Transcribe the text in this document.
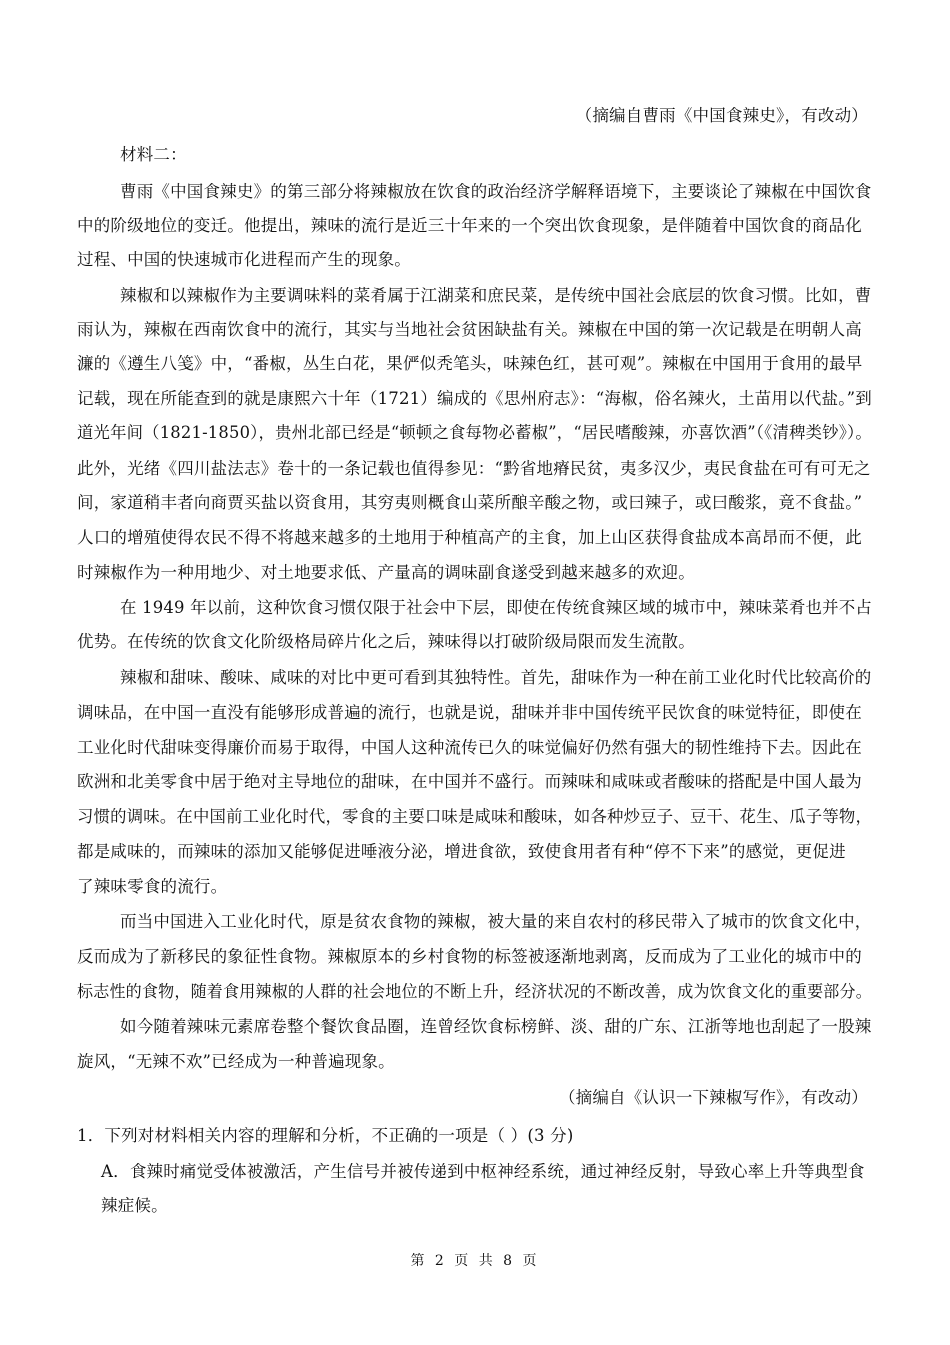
（摘编自曹雨《中国食辣史》，有改动）
材料二：
曹雨《中国食辣史》的第三部分将辣椒放在饮食的政治经济学解释语境下，主要谈论了辣椒在中国饮食
中的阶级地位的变迁。他提出，辣味的流行是近三十年来的一个突出饮食现象，是伴随着中国饮食的商品化
过程、中国的快速城市化进程而产生的现象。
辣椒和以辣椒作为主要调味料的菜肴属于江湖菜和庶民菜，是传统中国社会底层的饮食习惯。比如，曹
雨认为，辣椒在西南饮食中的流行，其实与当地社会贫困缺盐有关。辣椒在中国的第一次记载是在明朝人高
濂的《遵生八笺》中，“番椒，丛生白花，果俨似秃笔头，味辣色红，甚可观”。辣椒在中国用于食用的最早
记载，现在所能查到的就是康熙六十年（1721）编成的《思州府志》：“海椒，俗名辣火，土苗用以代盐。”到
道光年间（1821-1850），贵州北部已经是“顿顿之食每物必蓄椒”，“居民嗜酸辣，亦喜饮酒”（《清稗类钞》）。
此外，光绪《四川盐法志》卷十的一条记载也值得参见：“黔省地瘠民贫，夷多汉少，夷民食盐在可有可无之
间，家道稍丰者向商贾买盐以资食用，其穷夷则概食山菜所酿辛酸之物，或曰辣子，或曰酸浆，竟不食盐。”
人口的增殖使得农民不得不将越来越多的土地用于种植高产的主食，加上山区获得食盐成本高昂而不便，此
时辣椒作为一种用地少、对土地要求低、产量高的调味副食遂受到越来越多的欢迎。
在 1949 年以前，这种饮食习惯仅限于社会中下层，即使在传统食辣区域的城市中，辣味菜肴也并不占
优势。在传统的饮食文化阶级格局碎片化之后，辣味得以打破阶级局限而发生流散。
辣椒和甜味、酸味、咸味的对比中更可看到其独特性。首先，甜味作为一种在前工业化时代比较高价的
调味品，在中国一直没有能够形成普遍的流行，也就是说，甜味并非中国传统平民饮食的味觉特征，即使在
工业化时代甜味变得廉价而易于取得，中国人这种流传已久的味觉偏好仍然有强大的韧性维持下去。因此在
欧洲和北美零食中居于绝对主导地位的甜味，在中国并不盛行。而辣味和咸味或者酸味的搭配是中国人最为
习惯的调味。在中国前工业化时代，零食的主要口味是咸味和酸味，如各种炒豆子、豆干、花生、瓜子等物，
都是咸味的，而辣味的添加又能够促进唾液分泌，增进食欲，致使食用者有种“停不下来”的感觉，更促进
了辣味零食的流行。
而当中国进入工业化时代，原是贫农食物的辣椒，被大量的来自农村的移民带入了城市的饮食文化中，
反而成为了新移民的象征性食物。辣椒原本的乡村食物的标签被逐渐地剥离，反而成为了工业化的城市中的
标志性的食物，随着食用辣椒的人群的社会地位的不断上升，经济状况的不断改善，成为饮食文化的重要部分。
如今随着辣味元素席卷整个餐饮食品圈，连曾经饮食标榜鲜、淡、甜的广东、江浙等地也刮起了一股辣
旋风，“无辣不欢”已经成为一种普遍现象。
（摘编自《认识一下辣椒写作》，有改动）
1．下列对材料相关内容的理解和分析，不正确的一项是（ ）(3 分)
A．食辣时痛觉受体被激活，产生信号并被传递到中枢神经系统，通过神经反射，导致心率上升等典型食
辣症候。
第 2 页 共 8 页
